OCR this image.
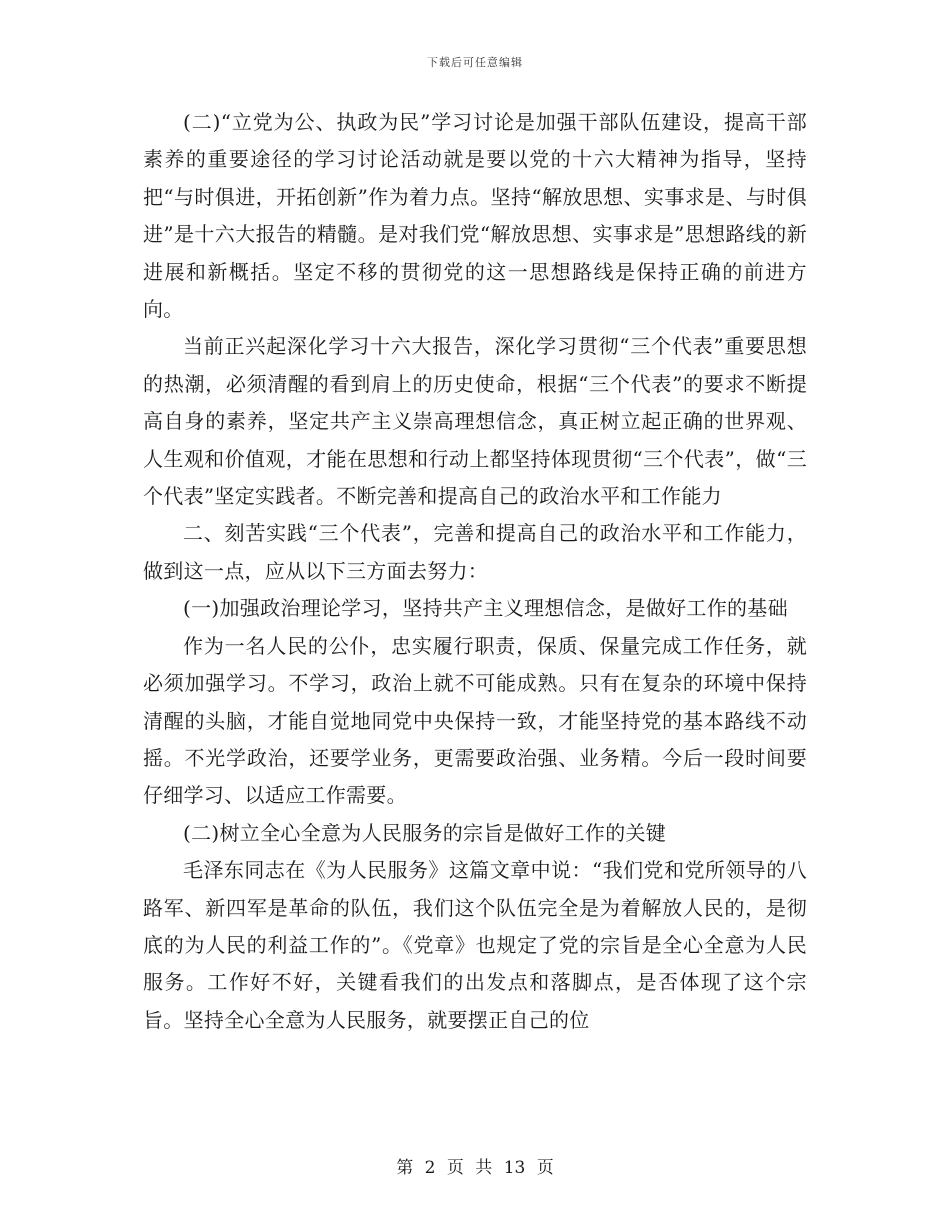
下载后可任意编辑

(二)“立党为公、执政为民”学习讨论是加强干部队伍建设，提高干部素养的重要途径的学习讨论活动就是要以党的十六大精神为指导，坚持把“与时俱进，开拓创新”作为着力点。坚持“解放思想、实事求是、与时俱进”是十六大报告的精髓。是对我们党“解放思想、实事求是”思想路线的新进展和新概括。坚定不移的贯彻党的这一思想路线是保持正确的前进方向。

当前正兴起深化学习十六大报告，深化学习贯彻“三个代表”重要思想的热潮，必须清醒的看到肩上的历史使命，根据“三个代表”的要求不断提高自身的素养，坚定共产主义崇高理想信念，真正树立起正确的世界观、人生观和价值观，才能在思想和行动上都坚持体现贯彻“三个代表”，做“三个代表”坚定实践者。不断完善和提高自己的政治水平和工作能力

二、刻苦实践“三个代表”，完善和提高自己的政治水平和工作能力，做到这一点，应从以下三方面去努力：

(一)加强政治理论学习，坚持共产主义理想信念，是做好工作的基础

作为一名人民的公仆，忠实履行职责，保质、保量完成工作任务，就必须加强学习。不学习，政治上就不可能成熟。只有在复杂的环境中保持清醒的头脑，才能自觉地同党中央保持一致，才能坚持党的基本路线不动摇。不光学政治，还要学业务，更需要政治强、业务精。今后一段时间要仔细学习、以适应工作需要。

(二)树立全心全意为人民服务的宗旨是做好工作的关键

毛泽东同志在《为人民服务》这篇文章中说：“我们党和党所领导的八路军、新四军是革命的队伍，我们这个队伍完全是为着解放人民的，是彻底的为人民的利益工作的”。《党章》也规定了党的宗旨是全心全意为人民服务。工作好不好，关键看我们的出发点和落脚点，是否体现了这个宗旨。坚持全心全意为人民服务，就要摆正自己的位

第 2 页 共 13 页
